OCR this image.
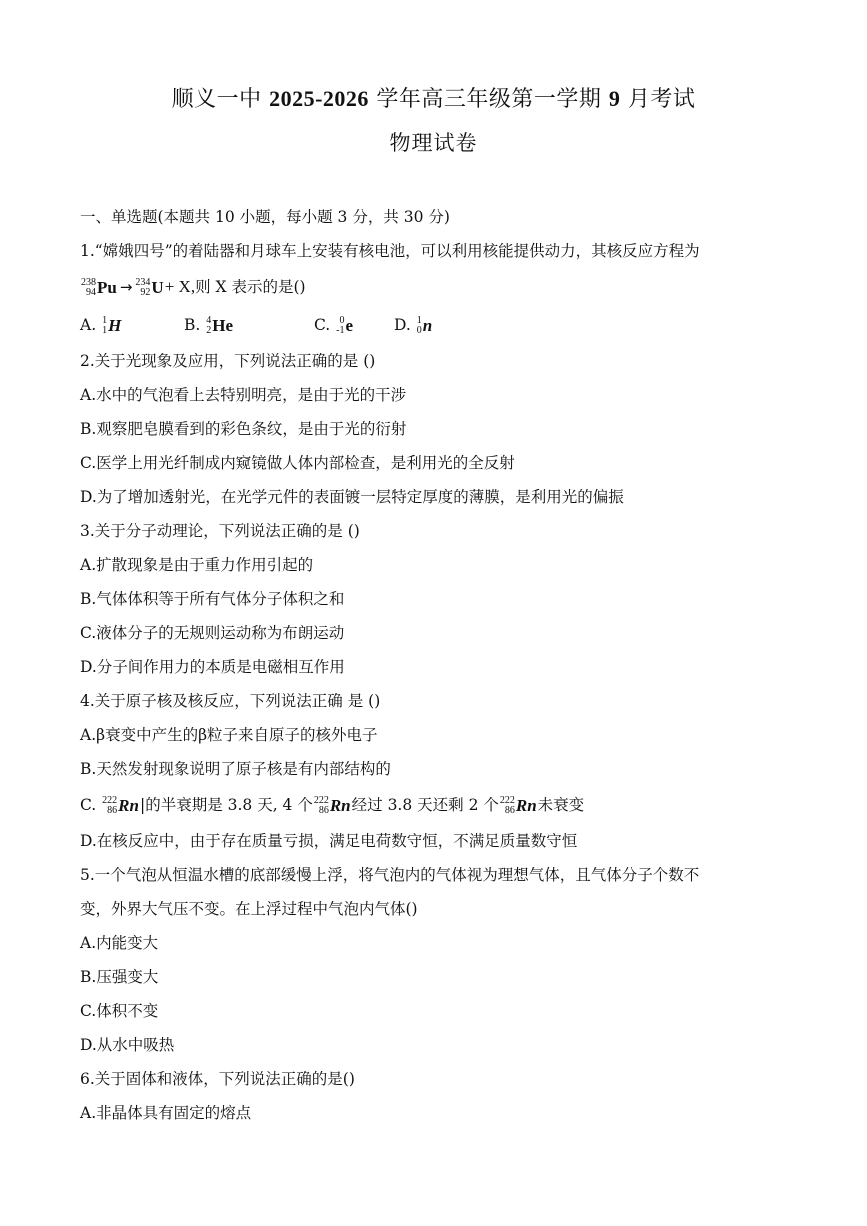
顺义一中 2025-2026 学年高三年级第一学期 9 月考试
物理试卷
一、单选题(本题共 10 小题，每小题 3 分，共 30 分)
1.“嫦娥四号”的着陆器和月球车上安装有核电池，可以利用核能提供动力，其核反应方程为
238
94 Pu → 234
92 U + X,则 X 表示的是()
A. 1
1 H	B. 4
2 He	C. 0
-1 e	D. 1
0 n
2.关于光现象及应用，下列说法正确的是 ()
A.水中的气泡看上去特别明亮，是由于光的干涉
B.观察肥皂膜看到的彩色条纹，是由于光的衍射
C.医学上用光纤制成内窥镜做人体内部检查，是利用光的全反射
D.为了增加透射光，在光学元件的表面镀一层特定厚度的薄膜，是利用光的偏振
3.关于分子动理论，下列说法正确的是 ()
A.扩散现象是由于重力作用引起的
B.气体体积等于所有气体分子体积之和
C.液体分子的无规则运动称为布朗运动
D.分子间作用力的本质是电磁相互作用
4.关于原子核及核反应，下列说法正确 是 ()
A.β衰变中产生的β粒子来自原子的核外电子
B.天然发射现象说明了原子核是有内部结构的
C. 222
86 Rn |的半衰期是 3.8 天, 4 个 222
86 Rn 经过 3.8 天还剩 2 个 222
86 Rn 未衰变
D.在核反应中，由于存在质量亏损，满足电荷数守恒，不满足质量数守恒
5.一个气泡从恒温水槽的底部缓慢上浮，将气泡内的气体视为理想气体，且气体分子个数不
变，外界大气压不变。在上浮过程中气泡内气体()
A.内能变大
B.压强变大
C.体积不变
D.从水中吸热
6.关于固体和液体，下列说法正确的是()
A.非晶体具有固定的熔点
